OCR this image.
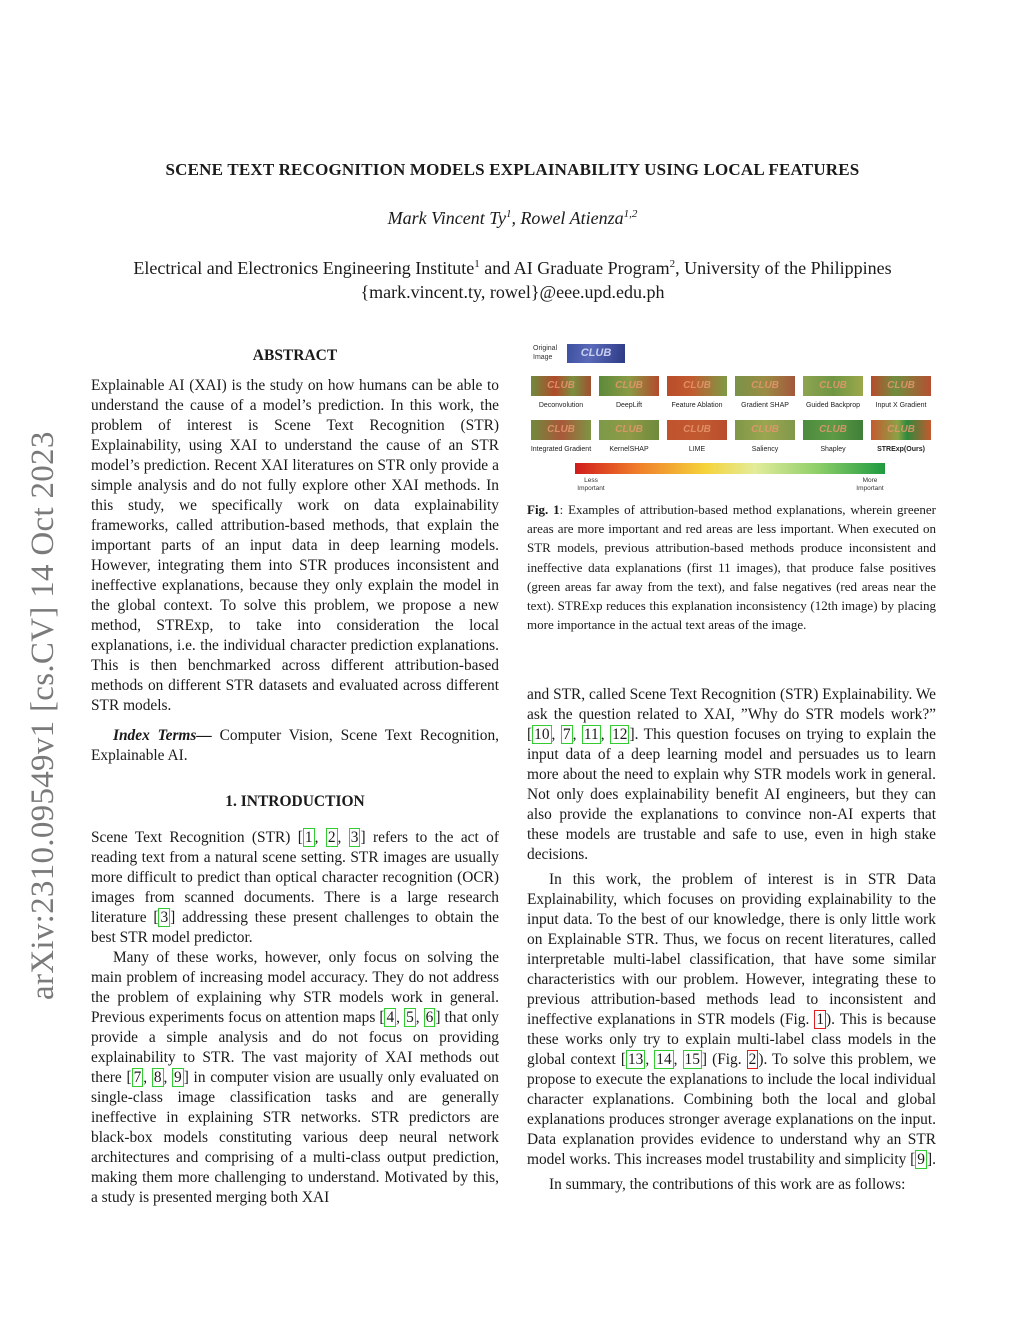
arXiv:2310.09549v1 [cs.CV] 14 Oct 2023
SCENE TEXT RECOGNITION MODELS EXPLAINABILITY USING LOCAL FEATURES
Mark Vincent Ty$^1$, Rowel Atienza$^{1,2}$
Electrical and Electronics Engineering Institute$^1$ and AI Graduate Program$^2$, University of the Philippines
{mark.vincent.ty, rowel}@eee.upd.edu.ph
ABSTRACT

Explainable AI (XAI) is the study on how humans can be able to understand the cause of a model’s prediction. In this work, the problem of interest is Scene Text Recognition (STR) Explainability, using XAI to understand the cause of an STR model’s prediction. Recent XAI literatures on STR only provide a simple analysis and do not fully explore other XAI methods. In this study, we specifically work on data explainability frameworks, called attribution-based methods, that explain the important parts of an input data in deep learning models. However, integrating them into STR produces inconsistent and ineffective explanations, because they only explain the model in the global context. To solve this problem, we propose a new method, STRExp, to take into consideration the local explanations, i.e. the individual character prediction explanations. This is then benchmarked across different attribution-based methods on different STR datasets and evaluated across different STR models.

Index Terms— Computer Vision, Scene Text Recognition, Explainable AI.

1. INTRODUCTION

Scene Text Recognition (STR) [ 1 , 2 , 3 ] refers to the act of reading text from a natural scene setting. STR images are usually more difficult to predict than optical character recognition (OCR) images from scanned documents. There is a large research literature [ 3 ] addressing these present challenges to obtain the best STR model predictor.

Many of these works, however, only focus on solving the main problem of increasing model accuracy. They do not address the problem of explaining why STR models work in general. Previous experiments focus on attention maps [ 4 , 5 , 6 ] that only provide a simple analysis and do not focus on providing explainability to STR. The vast majority of XAI methods out there [ 7 , 8 , 9 ] in computer vision are usually only evaluated on single-class image classification tasks and are generally ineffective in explaining STR networks. STR predictors are black-box models constituting various deep neural network architectures and comprising of a multi-class output prediction, making them more challenging to understand. Motivated by this, a study is presented merging both XAI

Original Image	CLUB
CLUB	CLUB	CLUB	CLUB	CLUB	CLUB
Deconvolution	DeepLift	Feature Ablation	Gradient SHAP	Guided Backprop	Input X Gradient
CLUB	CLUB	CLUB	CLUB	CLUB	CLUB
Integrated Gradient	KernelSHAP	LIME	Saliency	Shapley	STRExp(Ours)
Less Important
More Important
Fig. 1: Examples of attribution-based method explanations, wherein greener areas are more important and red areas are less important. When executed on STR models, previous attribution-based methods produce inconsistent and ineffective data explanations (first 11 images), that produce false positives (green areas far away from the text), and false negatives (red areas near the text). STRExp reduces this explanation inconsistency (12th image) by placing more importance in the actual text areas of the image.

and STR, called Scene Text Recognition (STR) Explainability. We ask the question related to XAI, ”Why do STR models work?” [ 10 , 7 , 11 , 12 ]. This question focuses on trying to explain the input data of a deep learning model and persuades us to learn more about the need to explain why STR models work in general. Not only does explainability benefit AI engineers, but they can also provide the explanations to convince non-AI experts that these models are trustable and safe to use, even in high stake decisions.

In this work, the problem of interest is in STR Data Explainability, which focuses on providing explainability to the input data. To the best of our knowledge, there is only little work on Explainable STR. Thus, we focus on recent literatures, called interpretable multi-label classification, that have some similar characteristics with our problem. However, integrating these to previous attribution-based methods lead to inconsistent and ineffective explanations in STR models (Fig. 1 ). This is because these works only try to explain multi-label class models in the global context [ 13 , 14 , 15 ] (Fig. 2 ). To solve this problem, we propose to execute the explanations to include the local individual character explanations. Combining both the local and global explanations produces stronger average explanations on the input. Data explanation provides evidence to understand why an STR model works. This increases model trustability and simplicity [ 9 ].

In summary, the contributions of this work are as follows:
